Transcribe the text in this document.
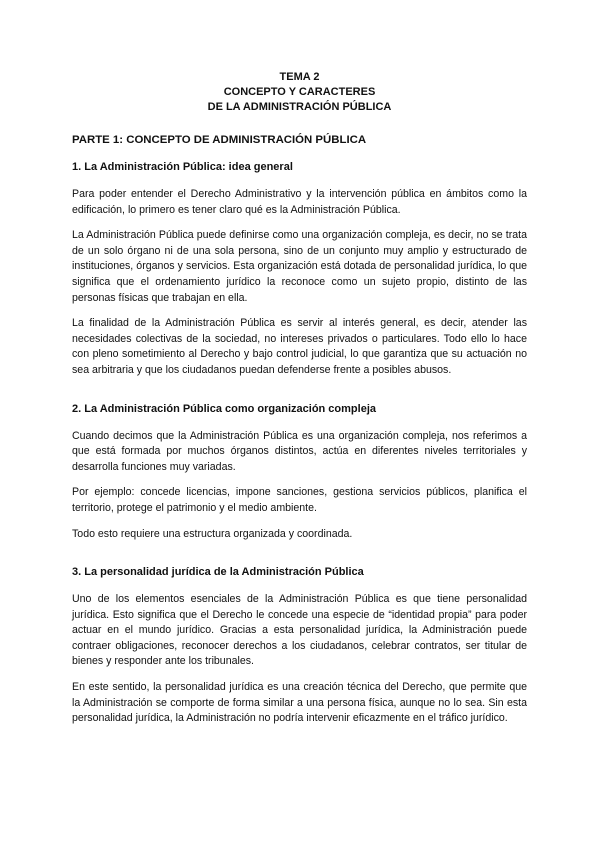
TEMA 2
CONCEPTO Y CARACTERES
DE LA ADMINISTRACIÓN PÚBLICA
PARTE 1: CONCEPTO DE ADMINISTRACIÓN PÚBLICA
1. La Administración Pública: idea general

Para poder entender el Derecho Administrativo y la intervención pública en ámbitos como la edificación, lo primero es tener claro qué es la Administración Pública.

La Administración Pública puede definirse como una organización compleja, es decir, no se trata de un solo órgano ni de una sola persona, sino de un conjunto muy amplio y estructurado de instituciones, órganos y servicios. Esta organización está dotada de personalidad jurídica, lo que significa que el ordenamiento jurídico la reconoce como un sujeto propio, distinto de las personas físicas que trabajan en ella.

La finalidad de la Administración Pública es servir al interés general, es decir, atender las necesidades colectivas de la sociedad, no intereses privados o particulares. Todo ello lo hace con pleno sometimiento al Derecho y bajo control judicial, lo que garantiza que su actuación no sea arbitraria y que los ciudadanos puedan defenderse frente a posibles abusos.

2. La Administración Pública como organización compleja

Cuando decimos que la Administración Pública es una organización compleja, nos referimos a que está formada por muchos órganos distintos, actúa en diferentes niveles territoriales y desarrolla funciones muy variadas.

Por ejemplo: concede licencias, impone sanciones, gestiona servicios públicos, planifica el territorio, protege el patrimonio y el medio ambiente.

Todo esto requiere una estructura organizada y coordinada.

3. La personalidad jurídica de la Administración Pública

Uno de los elementos esenciales de la Administración Pública es que tiene personalidad jurídica. Esto significa que el Derecho le concede una especie de “identidad propia” para poder actuar en el mundo jurídico. Gracias a esta personalidad jurídica, la Administración puede contraer obligaciones, reconocer derechos a los ciudadanos, celebrar contratos, ser titular de bienes y responder ante los tribunales.

En este sentido, la personalidad jurídica es una creación técnica del Derecho, que permite que la Administración se comporte de forma similar a una persona física, aunque no lo sea. Sin esta personalidad jurídica, la Administración no podría intervenir eficazmente en el tráfico jurídico.
